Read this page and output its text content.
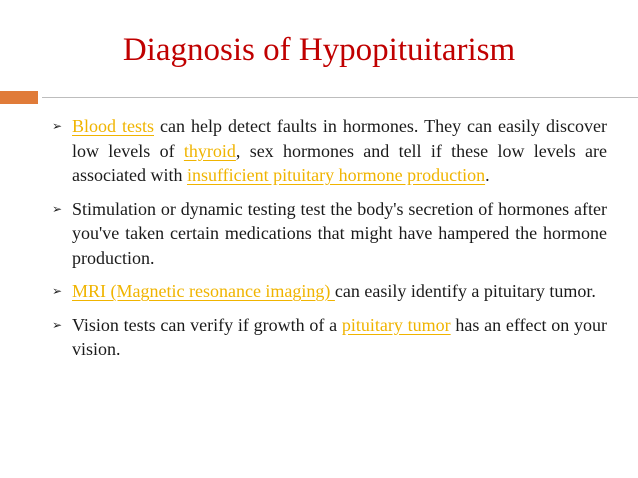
Diagnosis of Hypopituitarism
➢ Blood tests can help detect faults in hormones. They can easily discover low levels of thyroid, sex hormones and tell if these low levels are associated with insufficient pituitary hormone production.
➢ Stimulation or dynamic testing test the body's secretion of hormones after you've taken certain medications that might have hampered the hormone production.
➢ MRI (Magnetic resonance imaging) can easily identify a pituitary tumor.
➢ Vision tests can verify if growth of a pituitary tumor has an effect on your vision.
